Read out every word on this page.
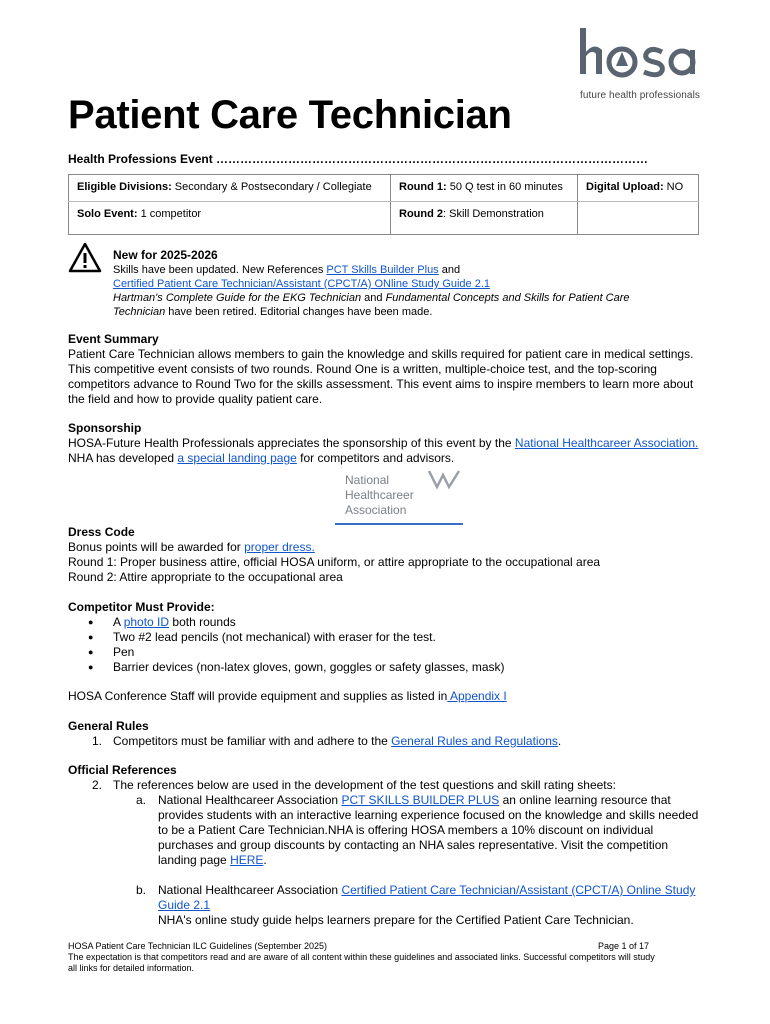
future health professionals
Patient Care Technician
Health Professions Event ………………………………………………………………………………………………
Eligible Divisions: Secondary & Postsecondary / Collegiate	Round 1: 50 Q test in 60 minutes	Digital Upload: NO
Solo Event: 1 competitor	Round 2: Skill Demonstration	
New for 2025-2026
Skills have been updated. New References PCT Skills Builder Plus and
Certified Patient Care Technician/Assistant (CPCT/A) ONline Study Guide 2.1
Hartman's Complete Guide for the EKG Technician and Fundamental Concepts and Skills for Patient Care
Technician have been retired. Editorial changes have been made.
Event Summary
Patient Care Technician allows members to gain the knowledge and skills required for patient care in medical settings. This competitive event consists of two rounds. Round One is a written, multiple-choice test, and the top-scoring competitors advance to Round Two for the skills assessment. This event aims to inspire members to learn more about the field and how to provide quality patient care.
Sponsorship
HOSA-Future Health Professionals appreciates the sponsorship of this event by the National Healthcareer Association. NHA has developed a special landing page for competitors and advisors.
National
Healthcareer
Association
Dress Code
Bonus points will be awarded for proper dress.
Round 1: Proper business attire, official HOSA uniform, or attire appropriate to the occupational area
Round 2: Attire appropriate to the occupational area
Competitor Must Provide:
● A photo ID both rounds
● Two #2 lead pencils (not mechanical) with eraser for the test.
● Pen
● Barrier devices (non-latex gloves, gown, goggles or safety glasses, mask)
HOSA Conference Staff will provide equipment and supplies as listed in Appendix I
General Rules
1. Competitors must be familiar with and adhere to the General Rules and Regulations.
Official References
2. The references below are used in the development of the test questions and skill rating sheets:
a. National Healthcareer Association PCT SKILLS BUILDER PLUS an online learning resource that provides students with an interactive learning experience focused on the knowledge and skills needed to be a Patient Care Technician.NHA is offering HOSA members a 10% discount on individual purchases and group discounts by contacting an NHA sales representative. Visit the competition landing page HERE.
b. National Healthcareer Association Certified Patient Care Technician/Assistant (CPCT/A) Online Study Guide 2.1
NHA's online study guide helps learners prepare for the Certified Patient Care Technician.
HOSA Patient Care Technician ILC Guidelines (September 2025)
The expectation is that competitors read and are aware of all content within these guidelines and associated links. Successful competitors will study all links for detailed information.
Page 1 of 17
